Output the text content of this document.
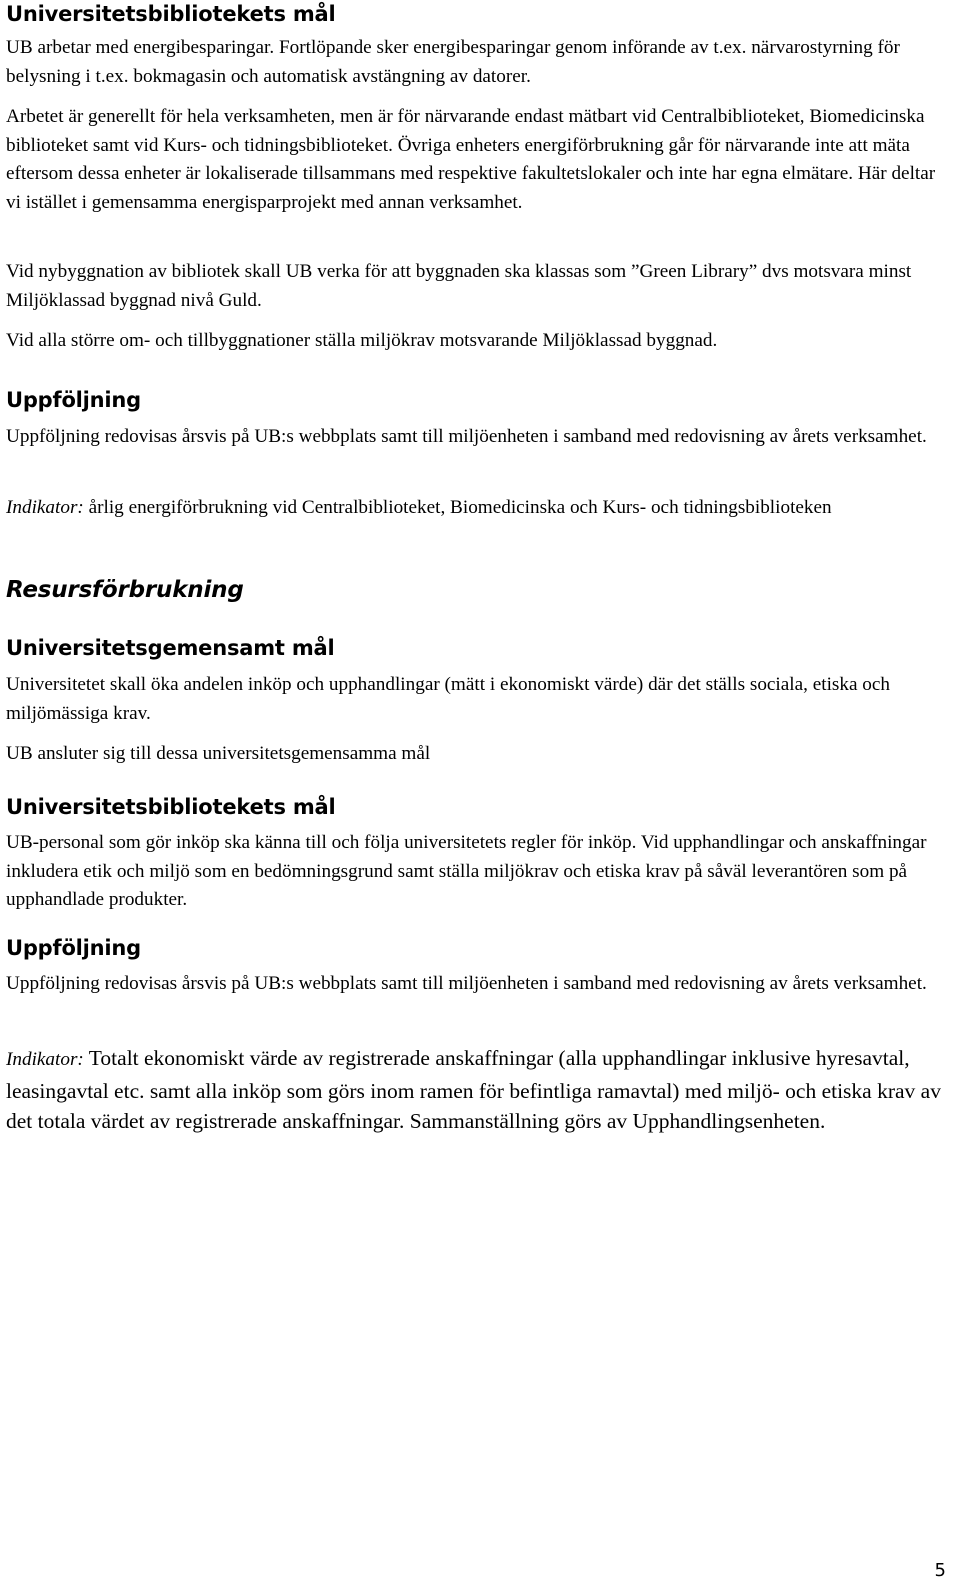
Universitetsbibliotekets mål

UB arbetar med energibesparingar. Fortlöpande sker energibesparingar genom införande av t.ex. närvarostyrning för belysning i t.ex. bokmagasin och automatisk avstängning av datorer.

Arbetet är generellt för hela verksamheten, men är för närvarande endast mätbart vid Centralbiblioteket, Biomedicinska biblioteket samt vid Kurs- och tidningsbiblioteket. Övriga enheters energiförbrukning går för närvarande inte att mäta eftersom dessa enheter är lokaliserade tillsammans med respektive fakultetslokaler och inte har egna elmätare. Här deltar vi istället i gemensamma energisparprojekt med annan verksamhet.

Vid nybyggnation av bibliotek skall UB verka för att byggnaden ska klassas som ”Green Library” dvs motsvara minst Miljöklassad byggnad nivå Guld.

Vid alla större om- och tillbyggnationer ställa miljökrav motsvarande Miljöklassad byggnad.

Uppföljning

Uppföljning redovisas årsvis på UB:s webbplats samt till miljöenheten i samband med redovisning av årets verksamhet.

Indikator: årlig energiförbrukning vid Centralbiblioteket, Biomedicinska och Kurs- och tidningsbiblioteken

Resursförbrukning
Universitetsgemensamt mål

Universitetet skall öka andelen inköp och upphandlingar (mätt i ekonomiskt värde) där det ställs sociala, etiska och miljömässiga krav.

UB ansluter sig till dessa universitetsgemensamma mål

Universitetsbibliotekets mål

UB-personal som gör inköp ska känna till och följa universitetets regler för inköp. Vid upphandlingar och anskaffningar inkludera etik och miljö som en bedömningsgrund samt ställa miljökrav och etiska krav på såväl leverantören som på upphandlade produkter.

Uppföljning

Uppföljning redovisas årsvis på UB:s webbplats samt till miljöenheten i samband med redovisning av årets verksamhet.

Indikator: Totalt ekonomiskt värde av registrerade anskaffningar (alla upphandlingar inklusive hyresavtal, leasingavtal etc. samt alla inköp som görs inom ramen för befintliga ramavtal) med miljö- och etiska krav av det totala värdet av registrerade anskaffningar. Sammanställning görs av Upphandlingsenheten.

5
